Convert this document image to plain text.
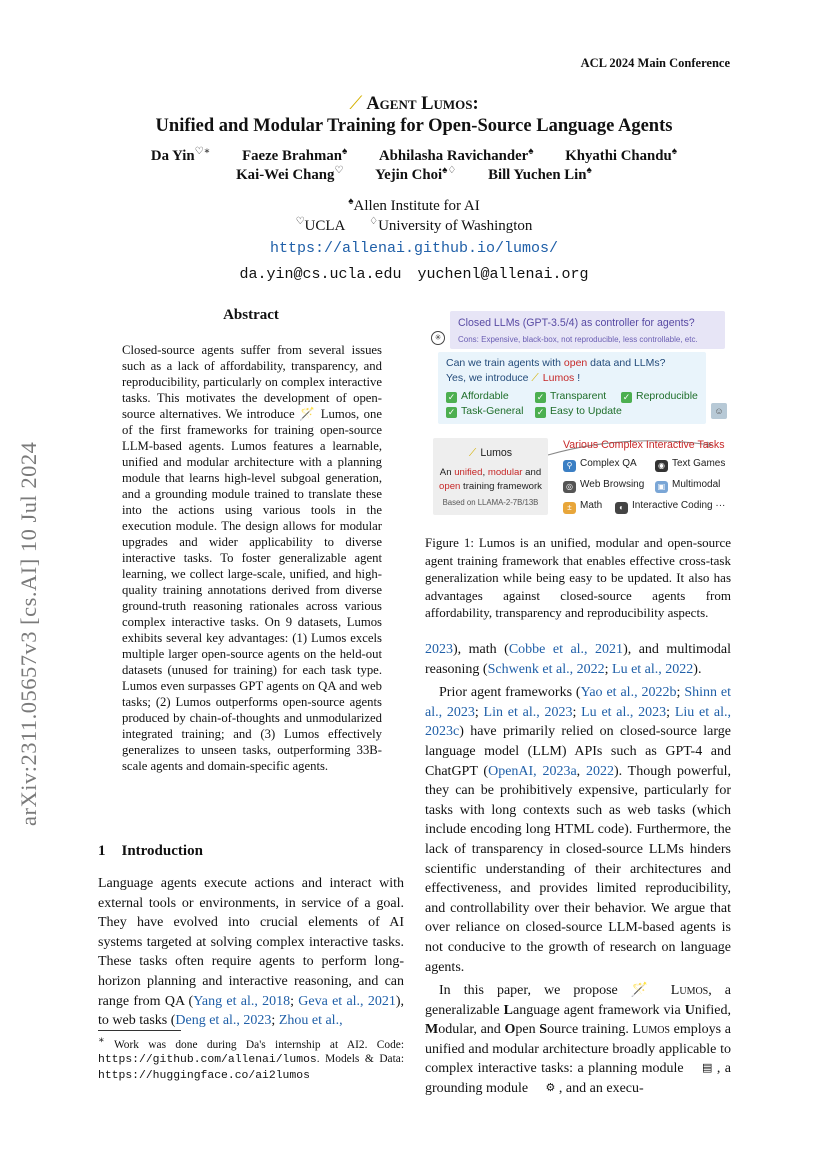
ACL 2024 Main Conference
arXiv:2311.05657v3 [cs.AI] 10 Jul 2024
⟋ Agent Lumos:
Unified and Modular Training for Open-Source Language Agents
Da Yin♡∗ Faeze Brahman♠ Abhilasha Ravichander♠ Khyathi Chandu♠
Kai-Wei Chang♡ Yejin Choi♠♢ Bill Yuchen Lin♠
♠Allen Institute for AI
♡UCLA ♢University of Washington
https://allenai.github.io/lumos/
da.yin@cs.ucla.edu yuchenl@allenai.org
Abstract
Closed-source agents suffer from several issues such as a lack of affordability, transparency, and reproducibility, particularly on complex interactive tasks. This motivates the development of open-source alternatives. We introduce 🪄 Lumos, one of the first frameworks for training open-source LLM-based agents. Lumos features a learnable, unified and modular architecture with a planning module that learns high-level subgoal generation, and a grounding module trained to translate these into the actions using various tools in the execution module. The design allows for modular upgrades and wider applicability to diverse interactive tasks. To foster generalizable agent learning, we collect large-scale, unified, and high-quality training annotations derived from diverse ground-truth reasoning rationales across various complex interactive tasks. On 9 datasets, Lumos exhibits several key advantages: (1) Lumos excels multiple larger open-source agents on the held-out datasets (unused for training) for each task type. Lumos even surpasses GPT agents on QA and web tasks; (2) Lumos outperforms open-source agents produced by chain-of-thoughts and unmodularized integrated training; and (3) Lumos effectively generalizes to unseen tasks, outperforming 33B-scale agents and domain-specific agents.
1 Introduction
Language agents execute actions and interact with external tools or environments, in service of a goal. They have evolved into crucial elements of AI systems targeted at solving complex interactive tasks. These tasks often require agents to perform long-horizon planning and interactive reasoning, and can range from QA (Yang et al., 2018; Geva et al., 2021), to web tasks (Deng et al., 2023; Zhou et al.,
∗ Work was done during Da's internship at AI2. Code: https://github.com/allenai/lumos. Models & Data: https://huggingface.co/ai2lumos
✳
Closed LLMs (GPT-3.5/4) as controller for agents?
Cons: Expensive, black-box, not reproducible, less controllable, etc.
Can we train agents with open data and LLMs?
Yes, we introduce ⟋ Lumos !
✓ Affordable	✓ Transparent ✓ Reproducible
✓ Task-General ✓ Easy to Update	☺
⟋ Lumos
An unified, modular and
open training framework
Based on LLAMA-2-7B/13B
Various Complex Interactive Tasks
⚲ Complex QA	◉ Text Games
◎ Web Browsing	▣ Multimodal
± Math	◐ Interactive Coding ···
Figure 1: Lumos is an unified, modular and open-source agent training framework that enables effective cross-task generalization while being easy to be updated. It also has advantages against closed-source agents from affordability, transparency and reproducibility aspects.

2023), math (Cobbe et al., 2021), and multimodal reasoning (Schwenk et al., 2022; Lu et al., 2022).

Prior agent frameworks (Yao et al., 2022b; Shinn et al., 2023; Lin et al., 2023; Lu et al., 2023; Liu et al., 2023c) have primarily relied on closed-source large language model (LLM) APIs such as GPT-4 and ChatGPT (OpenAI, 2023a, 2022). Though powerful, they can be prohibitively expensive, particularly for tasks with long contexts such as web tasks (which include encoding long HTML code). Furthermore, the lack of transparency in closed-source LLMs hinders scientific understanding of their architectures and effectiveness, and provides limited reproducibility, and controllability over their behavior. We argue that over reliance on closed-source LLM-based agents is not conducive to the growth of research on language agents.

In this paper, we propose 🪄 Lumos, a generalizable Language agent framework via Unified, Modular, and Open Source training. Lumos employs a unified and modular architecture broadly applicable to complex interactive tasks: a planning module ▤ , a grounding module ⚙ , and an execu-
